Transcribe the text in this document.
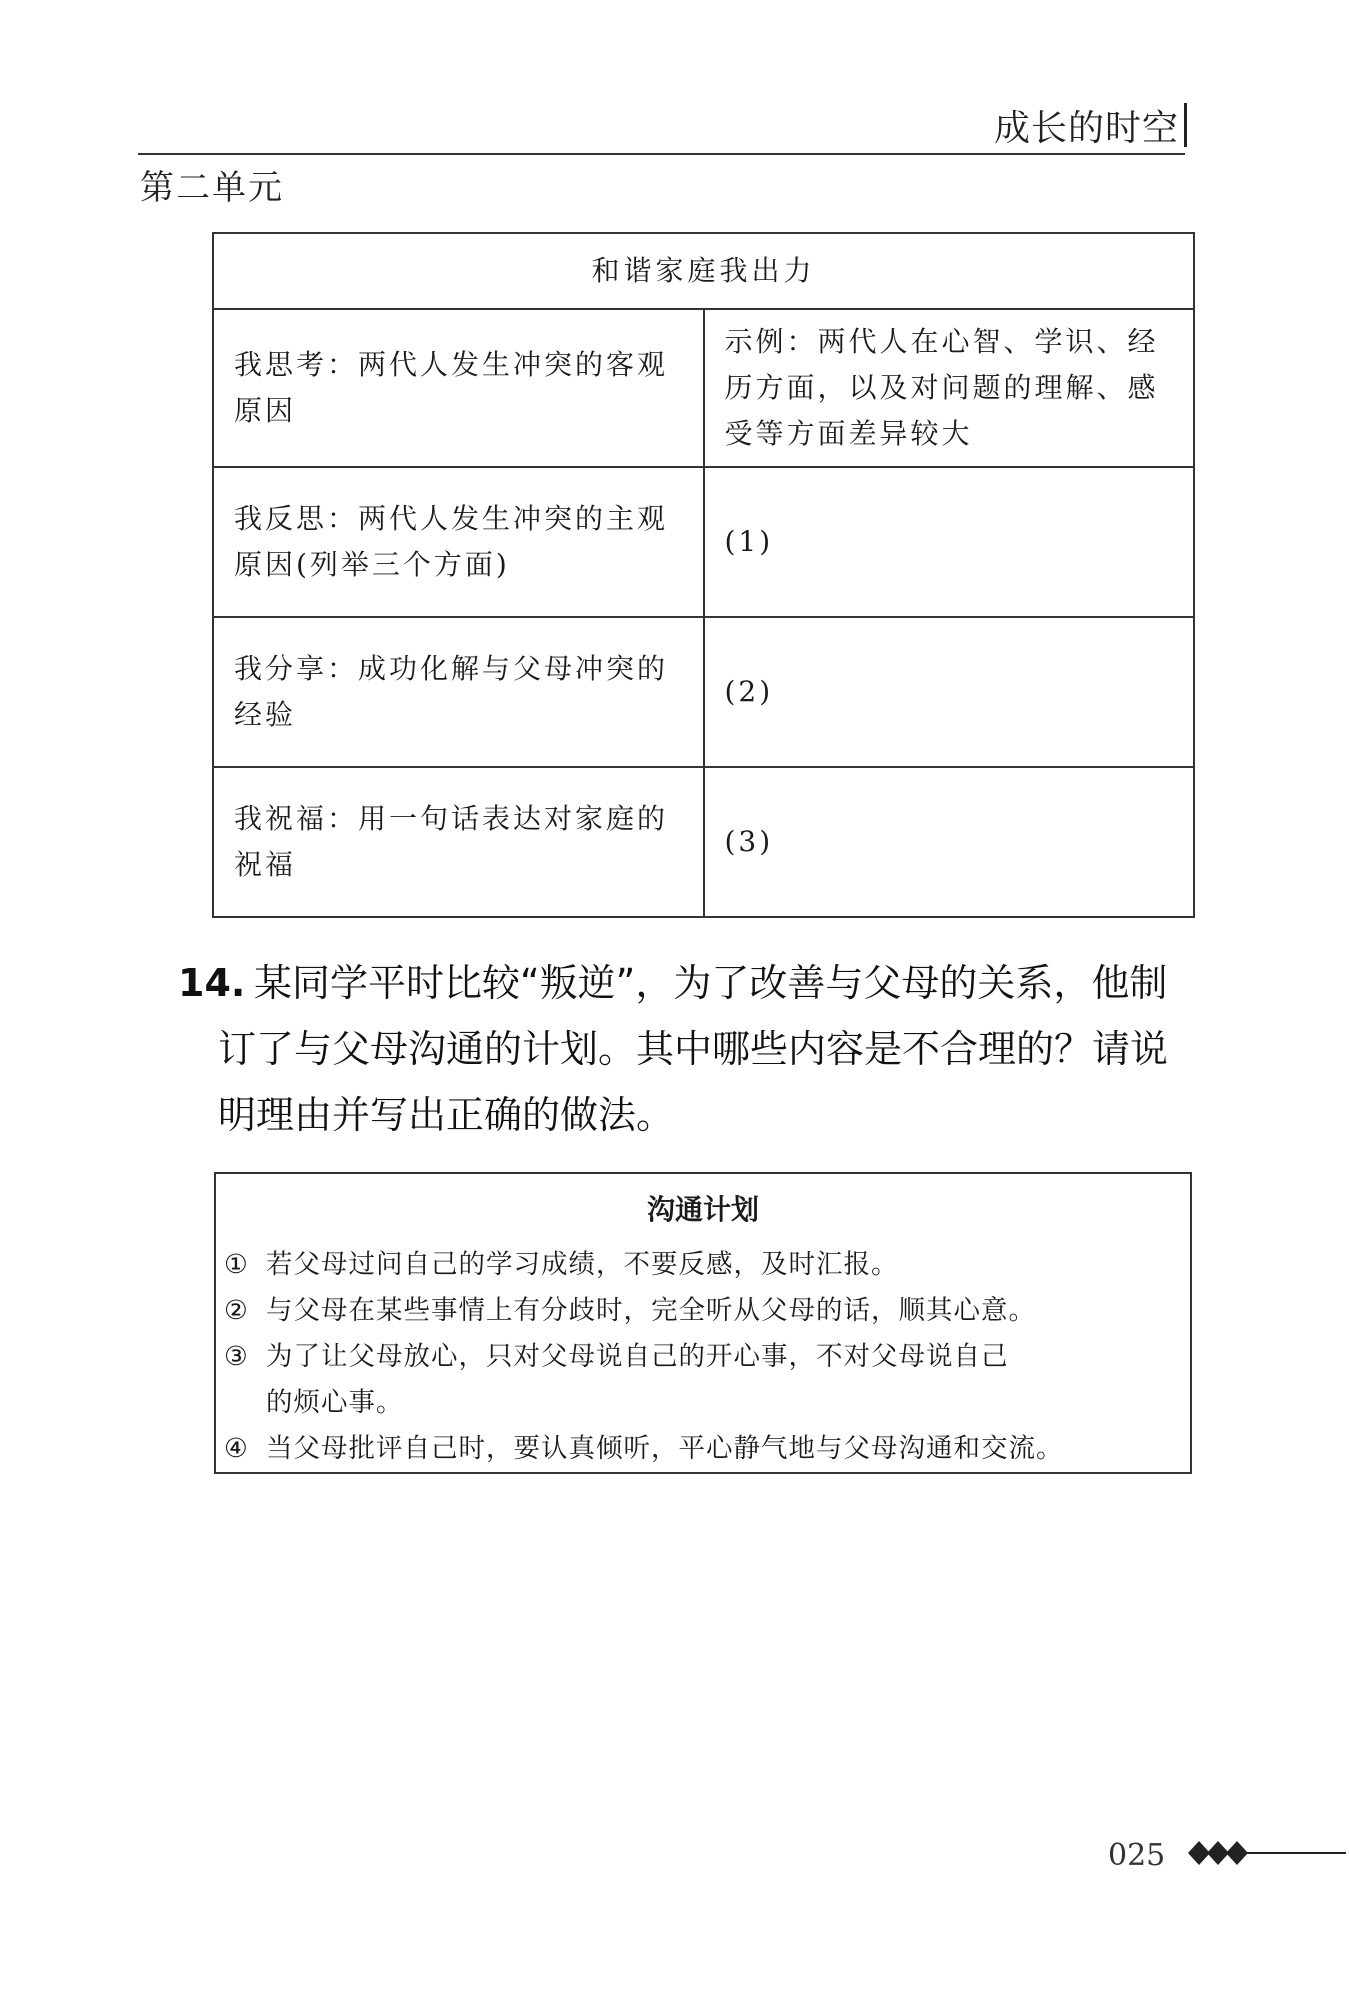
成长的时空
第二单元
和谐家庭我出力	
我思考：两代人发生冲突的客观原因	示例：两代人在心智、学识、经历方面，以及对问题的理解、感受等方面差异较大
我反思：两代人发生冲突的主观原因(列举三个方面)	(1)
我分享：成功化解与父母冲突的经验	(2)
我祝福：用一句话表达对家庭的祝福	(3)
14. 某同学平时比较“叛逆”，为了改善与父母的关系，他制订了与父母沟通的计划。其中哪些内容是不合理的？请说明理由并写出正确的做法。
沟通计划
① 若父母过问自己的学习成绩，不要反感，及时汇报。
② 与父母在某些事情上有分歧时，完全听从父母的话，顺其心意。
③ 为了让父母放心，只对父母说自己的开心事，不对父母说自己
的烦心事。
④ 当父母批评自己时，要认真倾听，平心静气地与父母沟通和交流。
025
